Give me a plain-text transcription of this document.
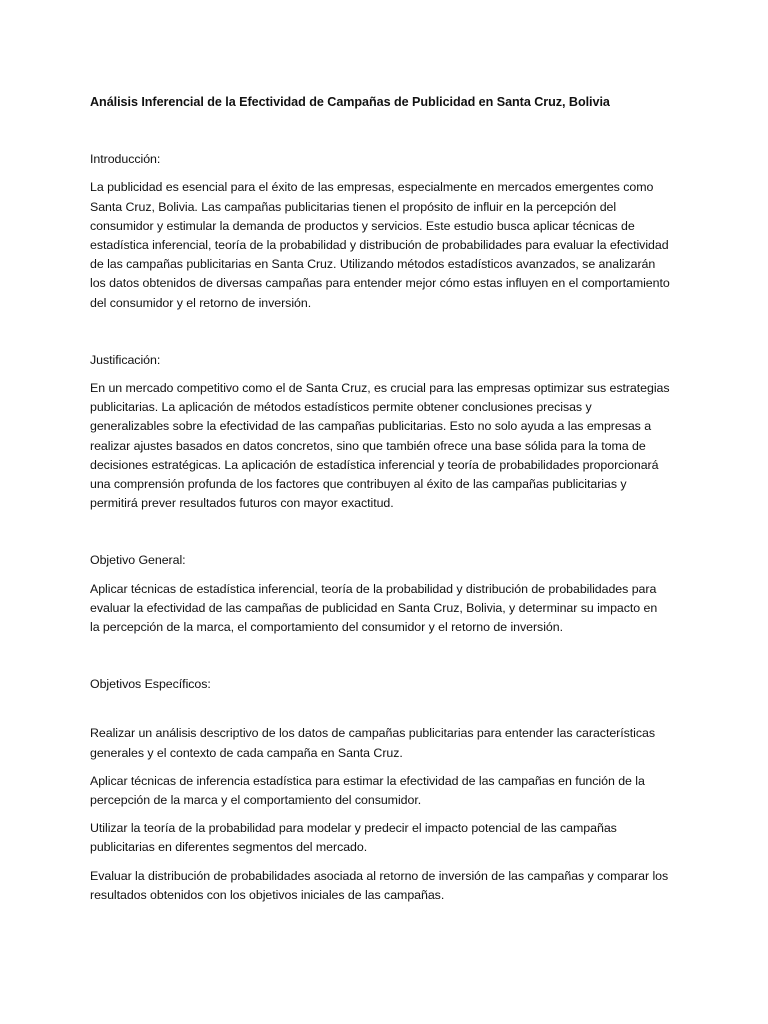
Análisis Inferencial de la Efectividad de Campañas de Publicidad en Santa Cruz, Bolivia

Introducción:

La publicidad es esencial para el éxito de las empresas, especialmente en mercados emergentes como Santa Cruz, Bolivia. Las campañas publicitarias tienen el propósito de influir en la percepción del consumidor y estimular la demanda de productos y servicios. Este estudio busca aplicar técnicas de estadística inferencial, teoría de la probabilidad y distribución de probabilidades para evaluar la efectividad de las campañas publicitarias en Santa Cruz. Utilizando métodos estadísticos avanzados, se analizarán los datos obtenidos de diversas campañas para entender mejor cómo estas influyen en el comportamiento del consumidor y el retorno de inversión.

Justificación:

En un mercado competitivo como el de Santa Cruz, es crucial para las empresas optimizar sus estrategias publicitarias. La aplicación de métodos estadísticos permite obtener conclusiones precisas y generalizables sobre la efectividad de las campañas publicitarias. Esto no solo ayuda a las empresas a realizar ajustes basados en datos concretos, sino que también ofrece una base sólida para la toma de decisiones estratégicas. La aplicación de estadística inferencial y teoría de probabilidades proporcionará una comprensión profunda de los factores que contribuyen al éxito de las campañas publicitarias y permitirá prever resultados futuros con mayor exactitud.

Objetivo General:

Aplicar técnicas de estadística inferencial, teoría de la probabilidad y distribución de probabilidades para evaluar la efectividad de las campañas de publicidad en Santa Cruz, Bolivia, y determinar su impacto en la percepción de la marca, el comportamiento del consumidor y el retorno de inversión.

Objetivos Específicos:

Realizar un análisis descriptivo de los datos de campañas publicitarias para entender las características generales y el contexto de cada campaña en Santa Cruz.

Aplicar técnicas de inferencia estadística para estimar la efectividad de las campañas en función de la percepción de la marca y el comportamiento del consumidor.

Utilizar la teoría de la probabilidad para modelar y predecir el impacto potencial de las campañas publicitarias en diferentes segmentos del mercado.

Evaluar la distribución de probabilidades asociada al retorno de inversión de las campañas y comparar los resultados obtenidos con los objetivos iniciales de las campañas.
